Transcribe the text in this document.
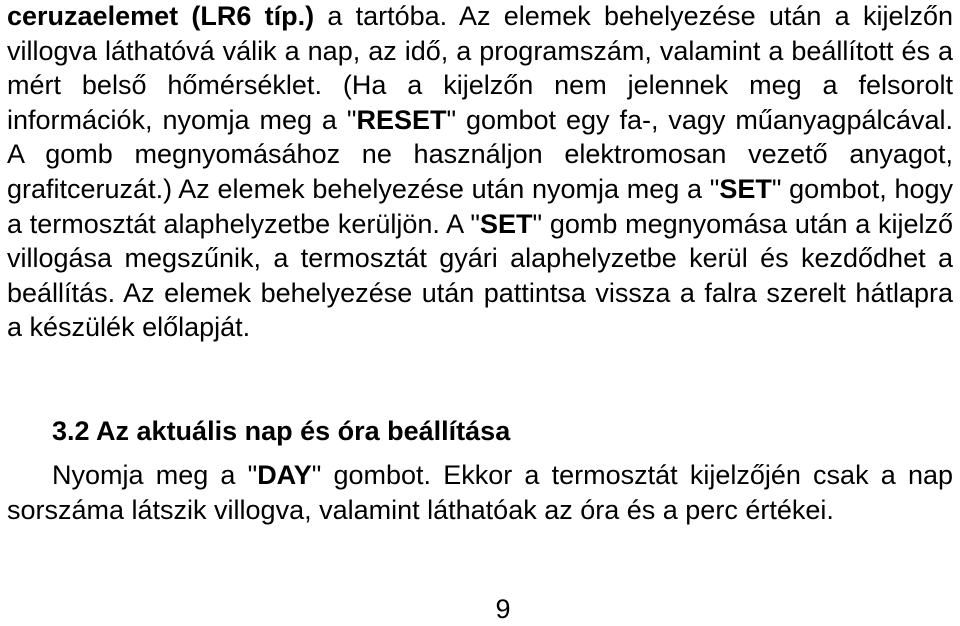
ceruzaelemet (LR6 típ.) a tartóba. Az elemek behelyezése után a kijelzőn villogva láthatóvá válik a nap, az idő, a programszám, valamint a beállított és a mért belső hőmérséklet. (Ha a kijelzőn nem jelennek meg a felsorolt információk, nyomja meg a "RESET" gombot egy fa-, vagy műanyagpálcával. A gomb megnyomásához ne használjon elektromosan vezető anyagot, grafitceruzát.) Az elemek behelyezése után nyomja meg a "SET" gombot, hogy a termosztát alaphelyzetbe kerüljön. A "SET" gomb megnyomása után a kijelző villogása megszűnik, a termosztát gyári alaphelyzetbe kerül és kezdődhet a beállítás. Az elemek behelyezése után pattintsa vissza a falra szerelt hátlapra a készülék előlapját.

3.2 Az aktuális nap és óra beállítása

Nyomja meg a "DAY" gombot. Ekkor a termosztát kijelzőjén csak a nap sorszáma látszik villogva, valamint láthatóak az óra és a perc értékei.

9
